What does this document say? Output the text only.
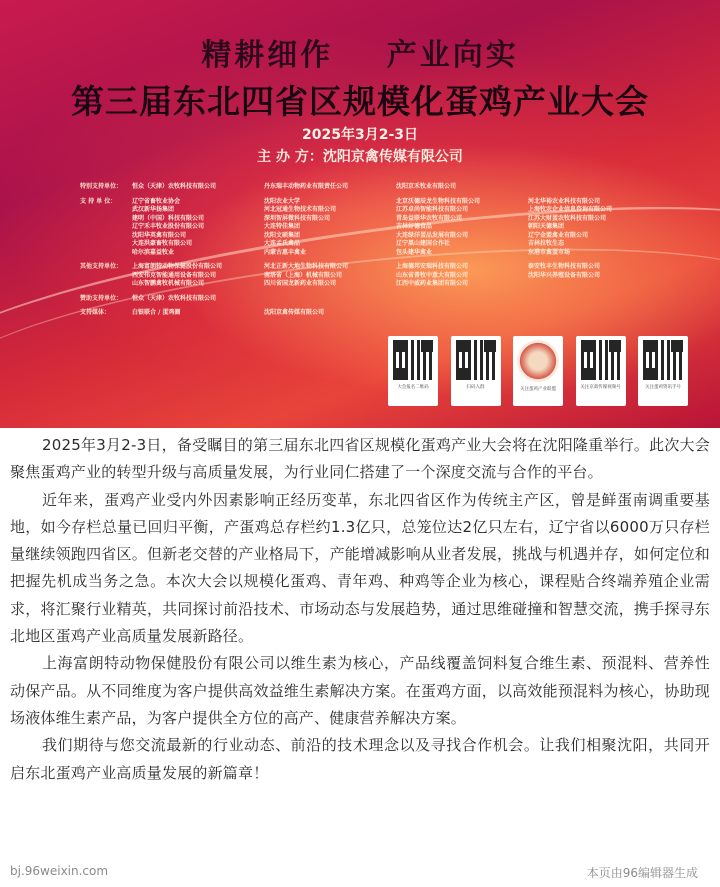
精耕细作 产业向实
第三届东北四省区规模化蛋鸡产业大会
2025年3月2-3日
主 办 方：沈阳京禽传媒有限公司
特别支持单位：	恒众（天津）农牧科技有限公司	丹东瑞丰动物药业有限责任公司	沈阳京禾牧业有限公司
支 持 单 位：	辽宁省畜牧业协会	沈阳农业大学	北京沃德辰龙生物科技有限公司	河北华裕农业科技有限公司
武汉新华扬集团	河北冠通生物技术有限公司	江苏卓尚智能科技有限公司	上海牧农企业信息咨询有限公司
建明（中国）科技有限公司	深圳智屏微科技有限公司	青岛益联华农牧有限公司	江苏大财蛋农牧科技有限公司
辽宁禾丰牧业股份有限公司	大连特佳集团	吉林好德食品	朝阳天德集团
沈阳华英禽有限公司	沈阳文硕集团	大连绿洋蛋品发展有限公司	辽宁金盟禽业有限公司
大连洪豪畜牧有限公司	大连孟氏禽品	辽宁黑山建国合作社	吉林拉牧生态
哈尔滨嘉益牧业	内蒙古惠丰禽业	包头建华禽业	东港市禽蛋市场
其他支持单位：	上海富朗特动物保健股份有限公司	河北正新大地生物科技有限公司	上海德邦安瑞科技有限公司	泰安牧丰生物科技有限公司
西安伟克智能通用设备有限公司	南洛省（上海）机械有限公司	山东省普牧中意大有限公司	沈阳华兴养殖设备有限公司
山东智鹏禽牧机械有限公司	四川省国龙新药业有限公司	江西中威药业集团有限公司
赞助支持单位：	恒众（天津）农牧科技有限公司
支持媒体：	白银联合 / 蛋鸡圈	沈阳京禽传媒有限公司
大会报名二维码	扫码入群	关注蛋鸡产业联盟	关注京禽传媒视频号	关注蛋鸡资讯手号

2025年3月2-3日，备受瞩目的第三届东北四省区规模化蛋鸡产业大会将在沈阳隆重举行。此次大会聚焦蛋鸡产业的转型升级与高质量发展，为行业同仁搭建了一个深度交流与合作的平台。

近年来，蛋鸡产业受内外因素影响正经历变革，东北四省区作为传统主产区，曾是鲜蛋南调重要基地，如今存栏总量已回归平衡，产蛋鸡总存栏约1.3亿只，总笼位达2亿只左右，辽宁省以6000万只存栏量继续领跑四省区。但新老交替的产业格局下，产能增减影响从业者发展，挑战与机遇并存，如何定位和把握先机成当务之急。本次大会以规模化蛋鸡、青年鸡、种鸡等企业为核心，课程贴合终端养殖企业需求，将汇聚行业精英，共同探讨前沿技术、市场动态与发展趋势，通过思维碰撞和智慧交流，携手探寻东北地区蛋鸡产业高质量发展新路径。

上海富朗特动物保健股份有限公司以维生素为核心，产品线覆盖饲料复合维生素、预混料、营养性动保产品。从不同维度为客户提供高效益维生素解决方案。在蛋鸡方面，以高效能预混料为核心，协助现场液体维生素产品，为客户提供全方位的高产、健康营养解决方案。

我们期待与您交流最新的行业动态、前沿的技术理念以及寻找合作机会。让我们相聚沈阳，共同开启东北蛋鸡产业高质量发展的新篇章！

bj.96weixin.com	本页由96编辑器生成
